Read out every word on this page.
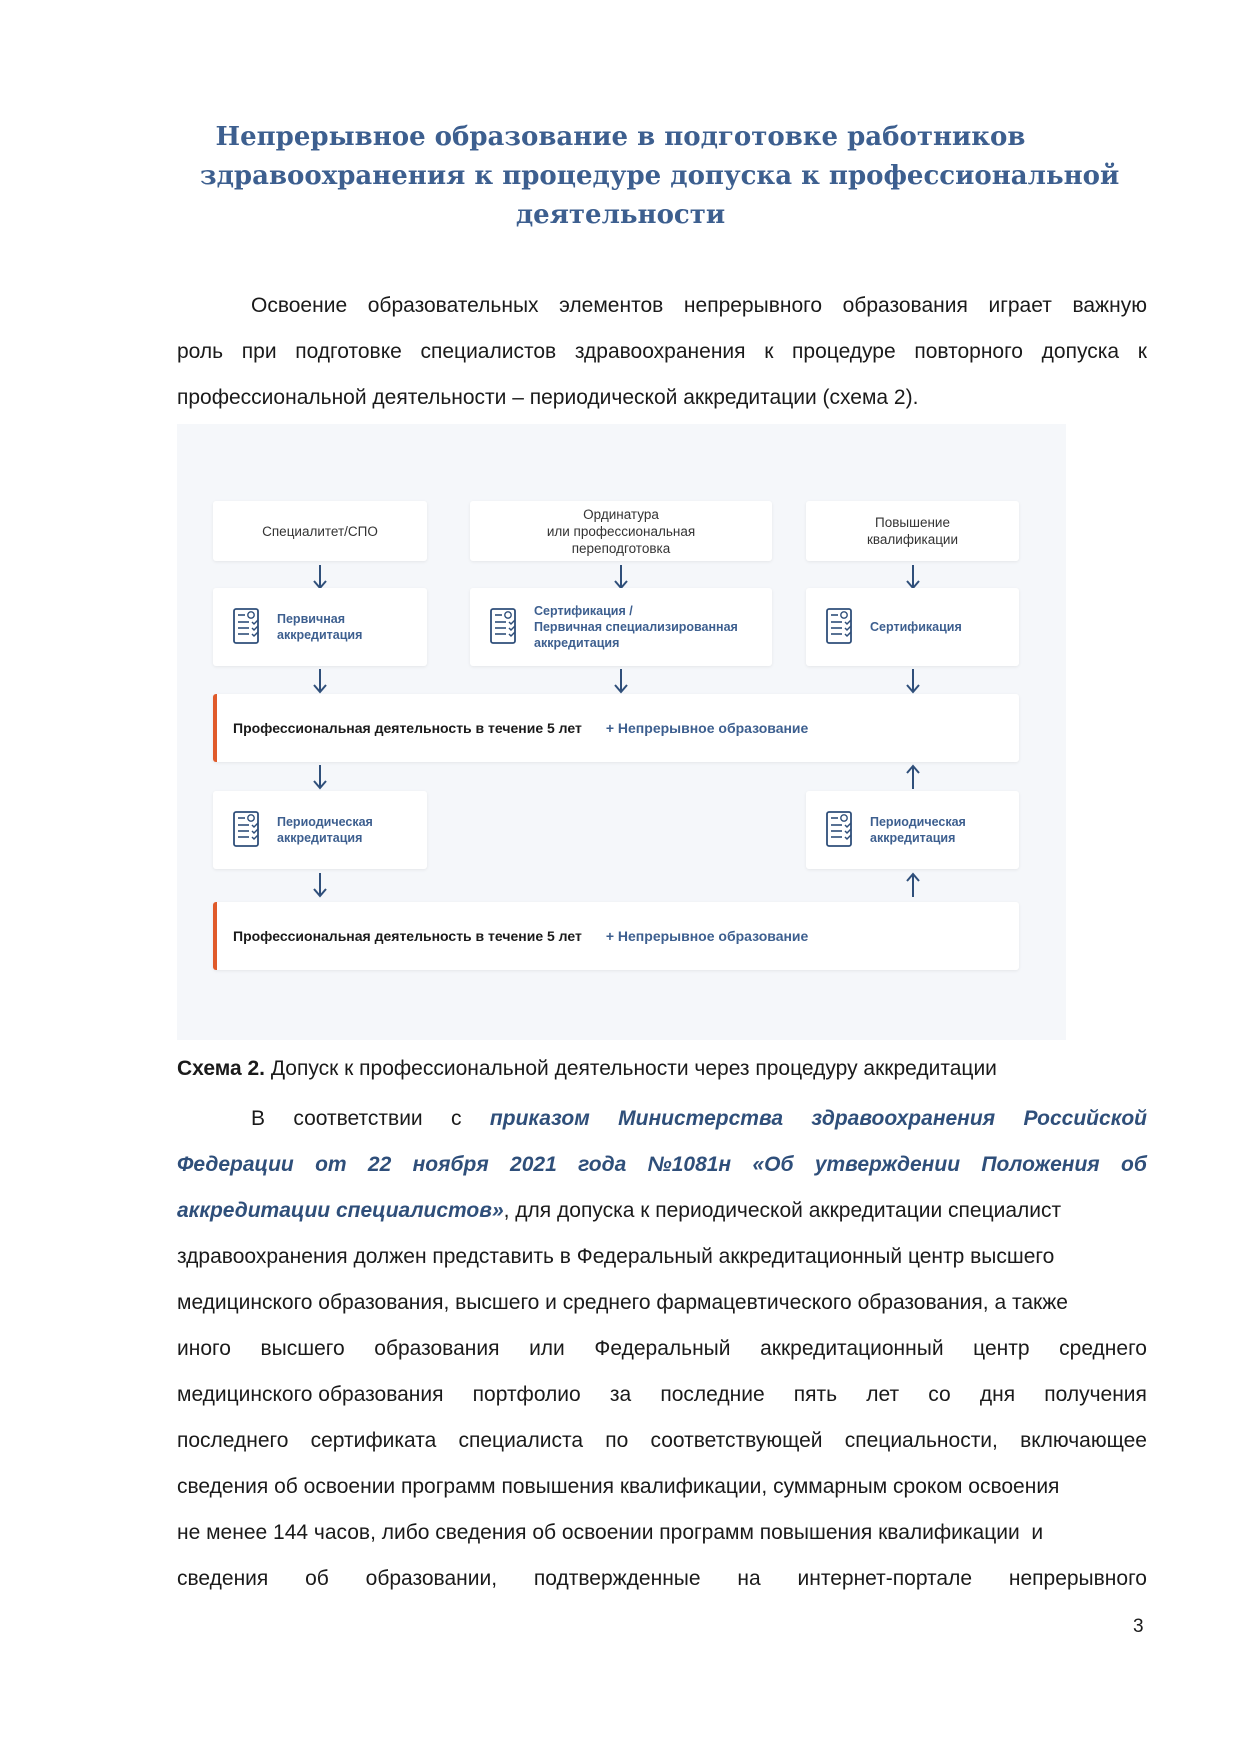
Непрерывное образование в подготовке работников
здравоохранения к процедуре допуска к профессиональной
деятельности
Освоение образовательных элементов непрерывного образования играет важную
роль при подготовке специалистов здравоохранения к процедуре повторного допуска к
профессиональной деятельности – периодической аккредитации (схема 2).
Специалитет/СПО
Ординатура
или профессиональная
переподготовка
Повышение
квалификации
Первичная
аккредитация
Сертификация /
Первичная специализированная
аккредитация
Сертификация
Профессиональная деятельность в течение 5 лет + Непрерывное образование
Периодическая
аккредитация
Периодическая
аккредитация
Профессиональная деятельность в течение 5 лет + Непрерывное образование
Схема 2. Допуск к профессиональной деятельности через процедуру аккредитации
В соответствии с приказом Министерства здравоохранения Российской
Федерации от 22 ноября 2021 года №1081н «Об утверждении Положения об
аккредитации специалистов» , для допуска к периодической аккредитации специалист
здравоохранения должен представить в Федеральный аккредитационный центр высшего
медицинского образования, высшего и среднего фармацевтического образования, а также
иного высшего образования или Федеральный аккредитационный центр среднего
медицинского образования портфолио за последние пять лет со дня получения
последнего сертификата специалиста по соответствующей специальности, включающее
сведения об освоении программ повышения квалификации, суммарным сроком освоения
не менее 144 часов, либо сведения об освоении программ повышения квалификации  и
сведения об образовании, подтвержденные на интернет-портале непрерывного
3
